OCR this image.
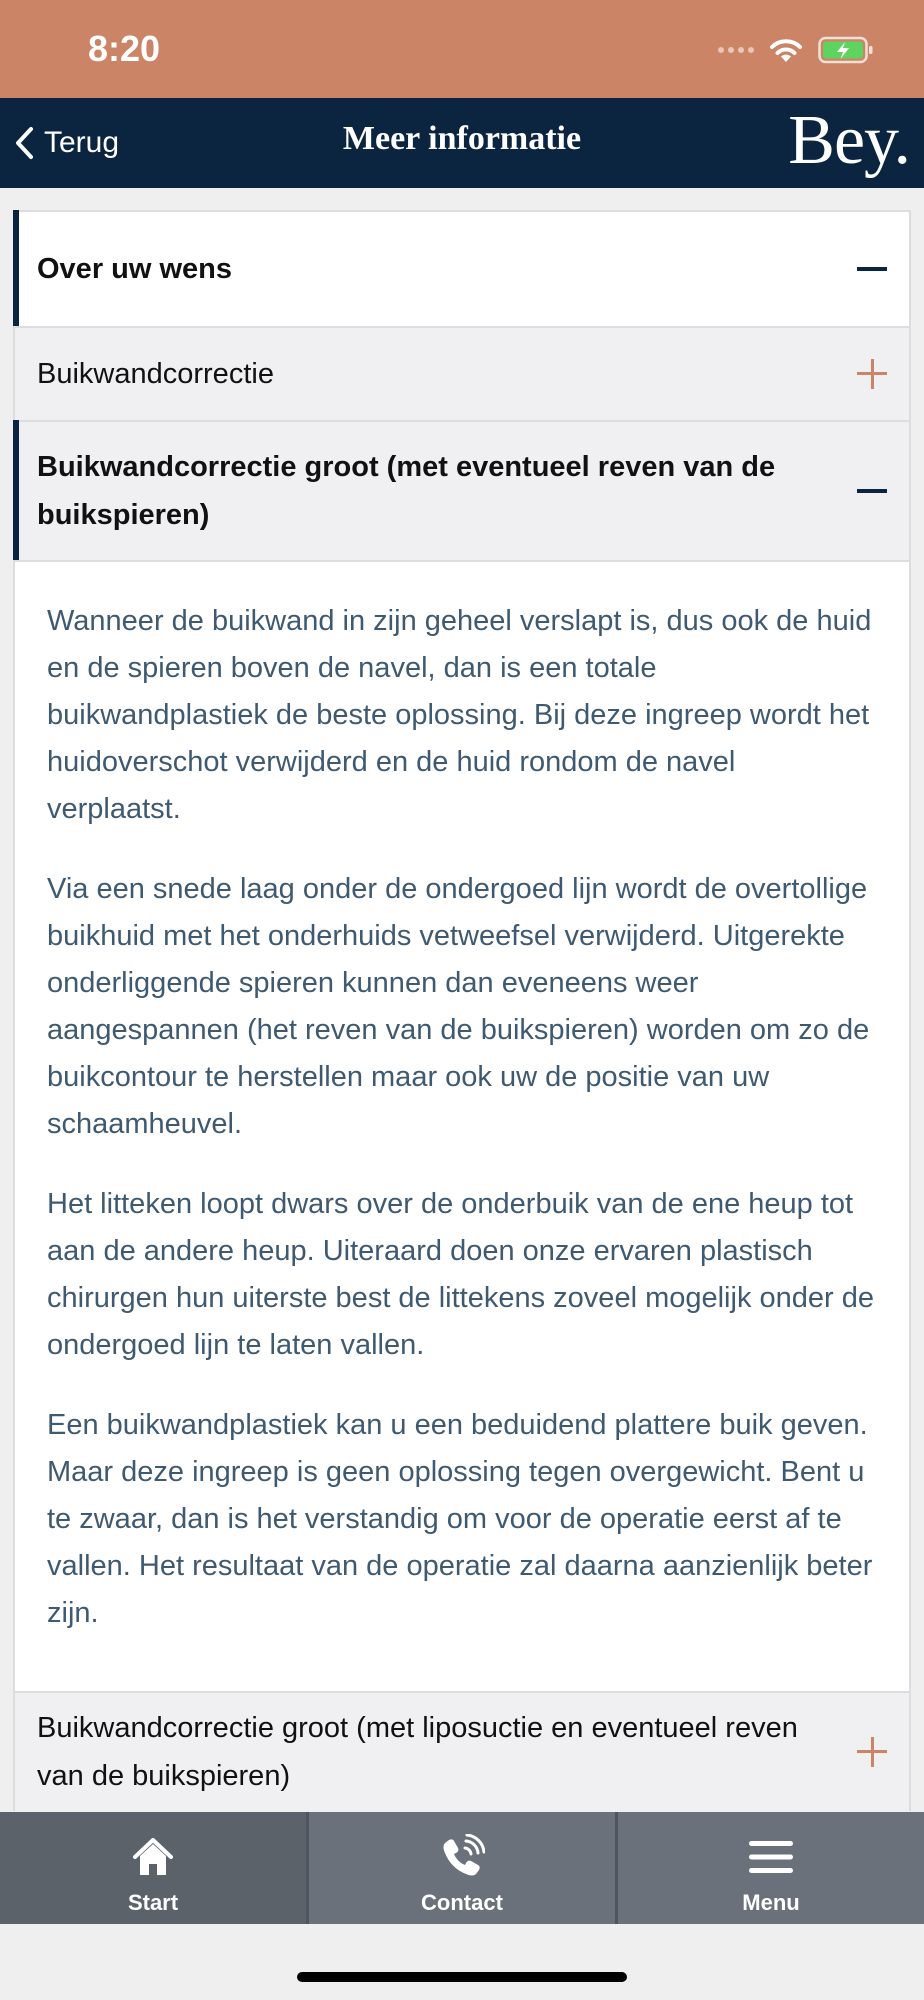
8:20
Terug	Meer informatie	Bey.
Over uw wens
Buikwandcorrectie
Buikwandcorrectie groot (met eventueel reven van de buikspieren)

Wanneer de buikwand in zijn geheel verslapt is, dus ook de huid en de spieren boven de navel, dan is een totale buikwandplastiek de beste oplossing. Bij deze ingreep wordt het huidoverschot verwijderd en de huid rondom de navel verplaatst.

Via een snede laag onder de ondergoed lijn wordt de overtollige buikhuid met het onderhuids vetweefsel verwijderd. Uitgerekte onderliggende spieren kunnen dan eveneens weer aangespannen (het reven van de buikspieren) worden om zo de buikcontour te herstellen maar ook uw de positie van uw schaamheuvel.

Het litteken loopt dwars over de onderbuik van de ene heup tot aan de andere heup. Uiteraard doen onze ervaren plastisch chirurgen hun uiterste best de littekens zoveel mogelijk onder de ondergoed lijn te laten vallen.

Een buikwandplastiek kan u een beduidend plattere buik geven. Maar deze ingreep is geen oplossing tegen overgewicht. Bent u te zwaar, dan is het verstandig om voor de operatie eerst af te vallen. Het resultaat van de operatie zal daarna aanzienlijk beter zijn.

Buikwandcorrectie groot (met liposuctie en eventueel reven van de buikspieren)
Start	Contact	Menu
